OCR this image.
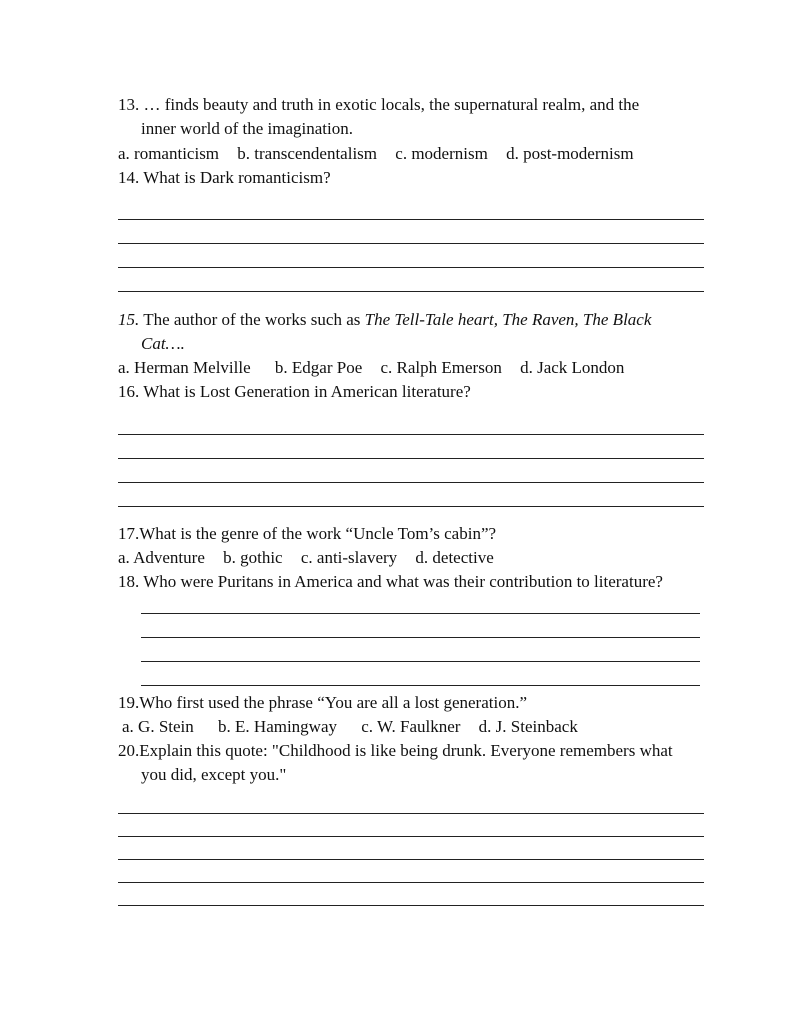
13. … finds beauty and truth in exotic locals, the supernatural realm, and the
inner world of the imagination.
a. romanticism b. transcendentalism c. modernism d. post-modernism
14. What is Dark romanticism?
15. The author of the works such as The Tell-Tale heart, The Raven, The Black
Cat….
a. Herman Melville b. Edgar Poe c. Ralph Emerson d. Jack London
16. What is Lost Generation in American literature?
17.What is the genre of the work “Uncle Tom’s cabin”?
a. Adventure b. gothic c. anti-slavery d. detective
18. Who were Puritans in America and what was their contribution to literature?
19.Who first used the phrase “You are all a lost generation.”
a. G. Stein b. E. Hamingway c. W. Faulkner d. J. Steinback
20.Explain this quote: "Childhood is like being drunk. Everyone remembers what
you did, except you."
